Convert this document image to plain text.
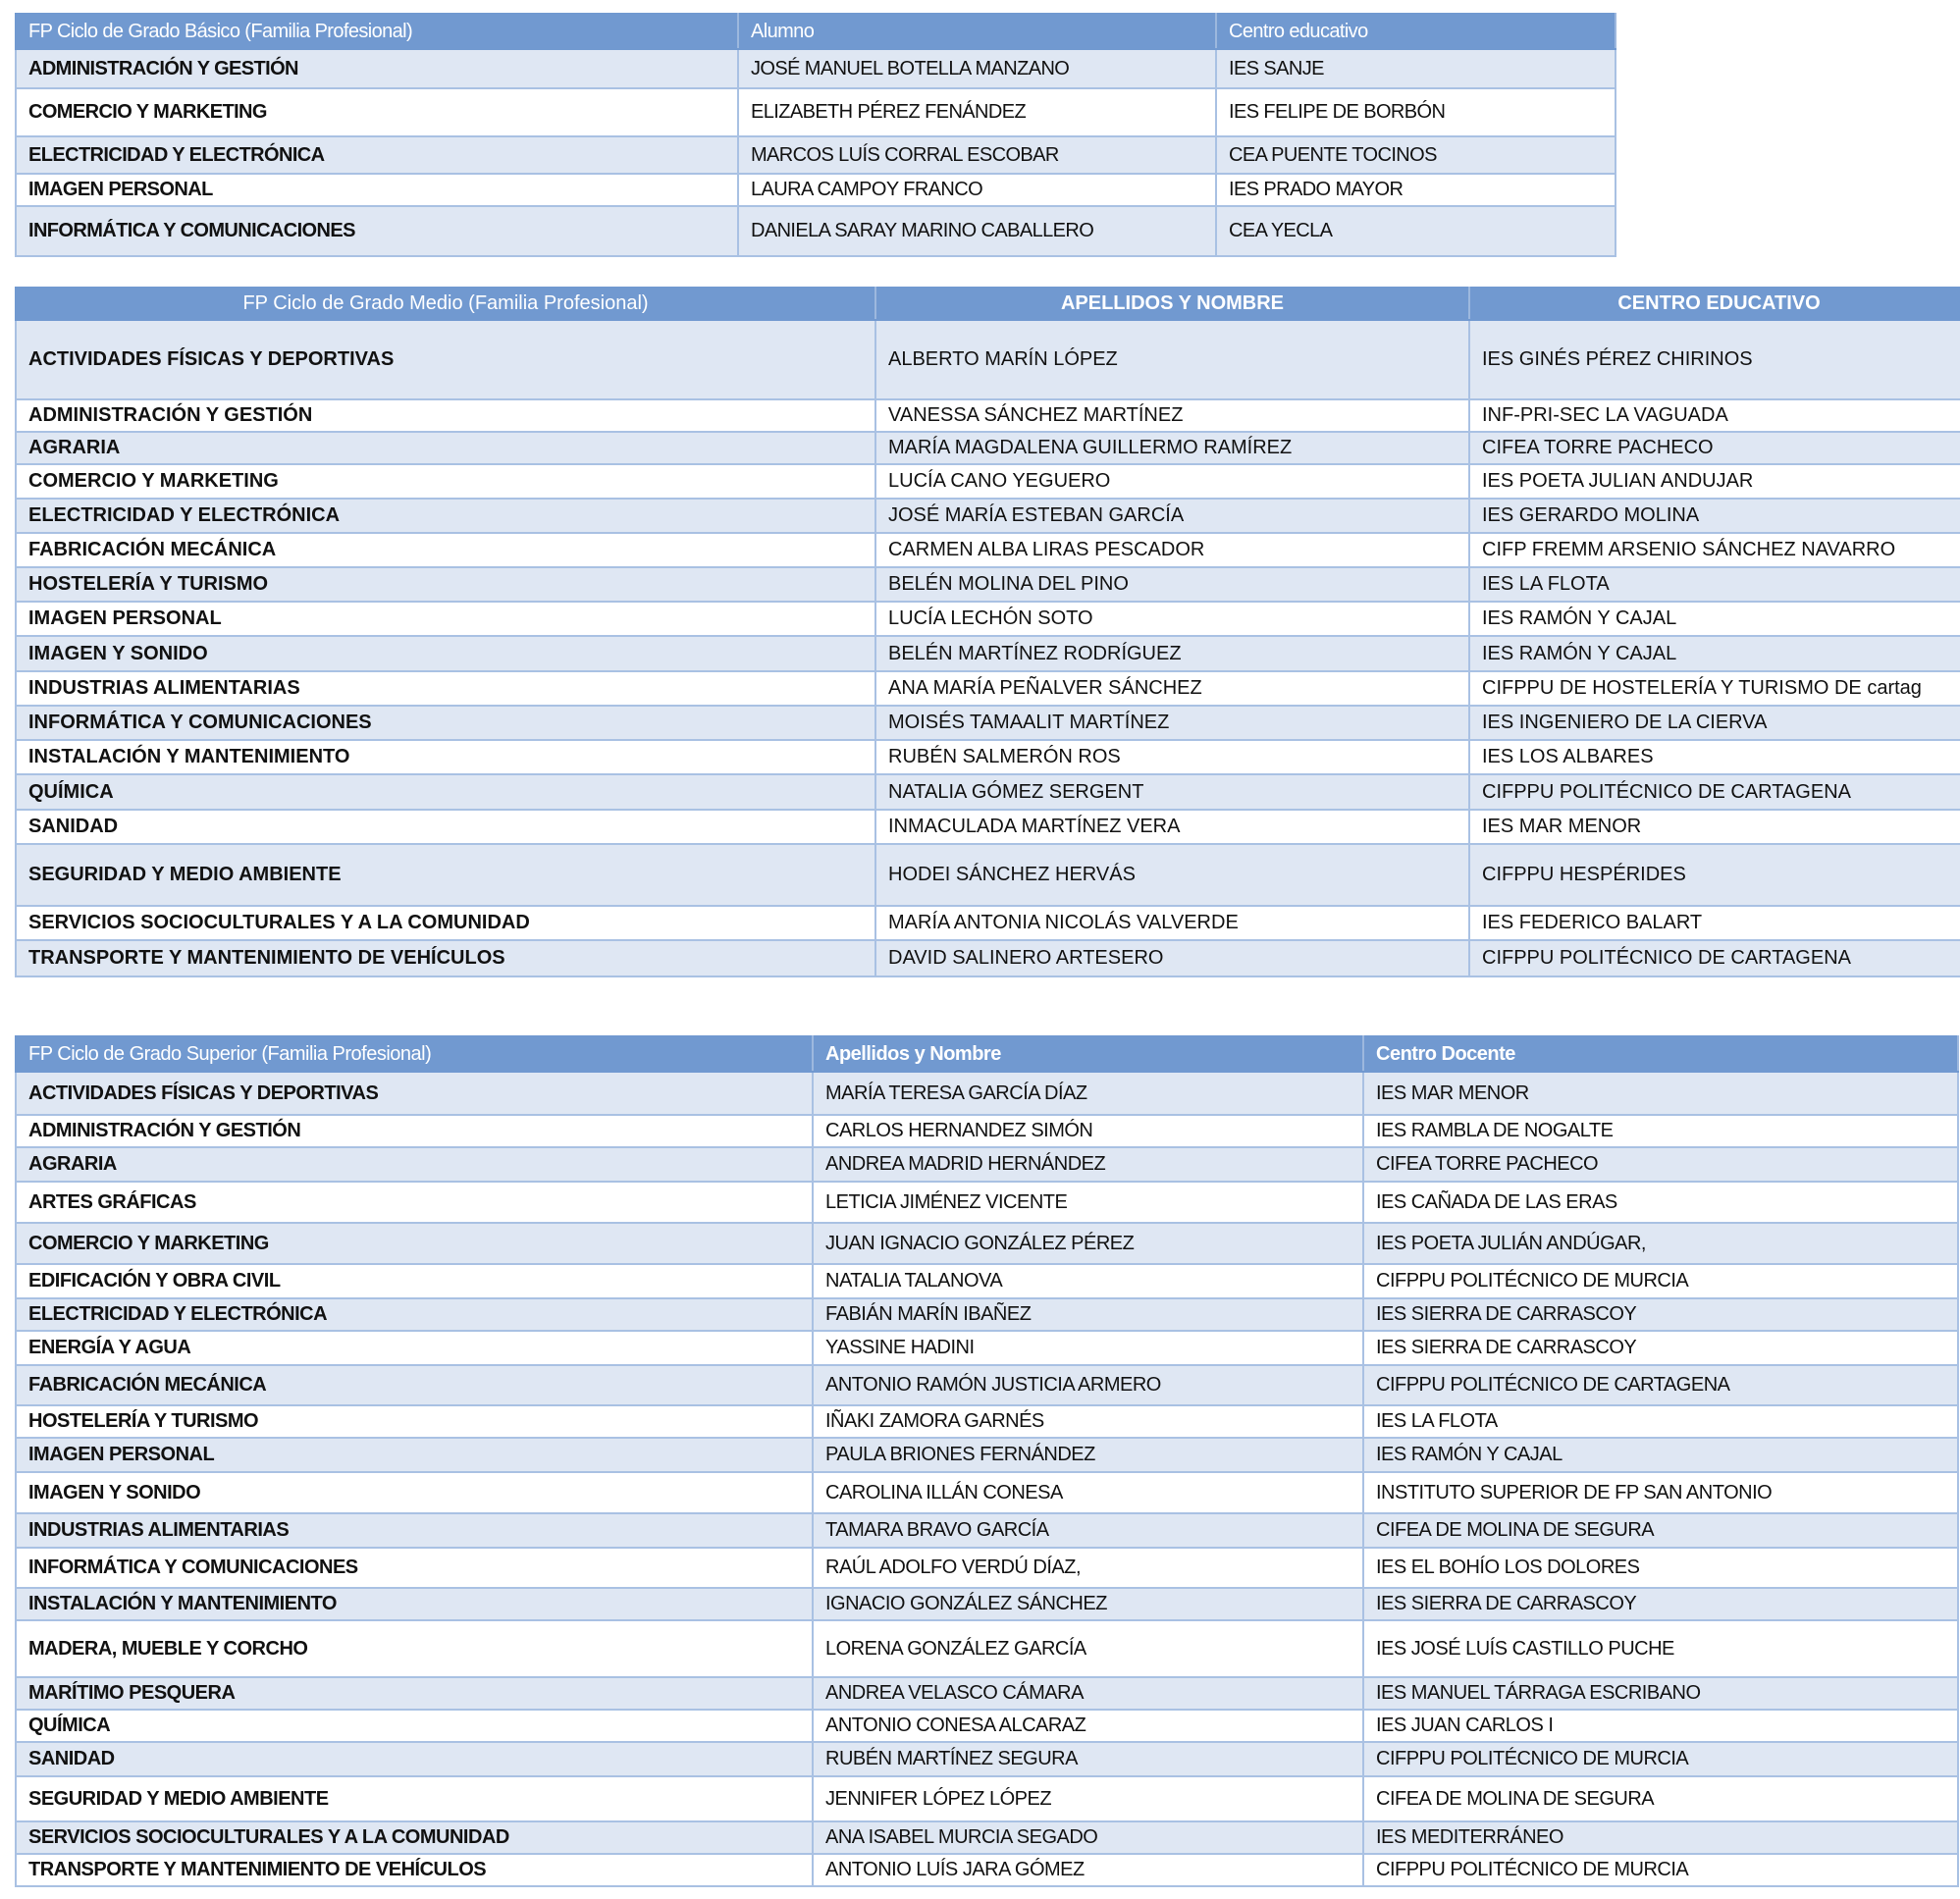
FP Ciclo de Grado Básico (Familia Profesional)	Alumno	Centro educativo
ADMINISTRACIÓN Y GESTIÓN	JOSÉ MANUEL BOTELLA MANZANO	IES SANJE
COMERCIO Y MARKETING	ELIZABETH PÉREZ FENÁNDEZ	IES FELIPE DE BORBÓN
ELECTRICIDAD Y ELECTRÓNICA	MARCOS LUÍS CORRAL ESCOBAR	CEA PUENTE TOCINOS
IMAGEN PERSONAL	LAURA CAMPOY FRANCO	IES PRADO MAYOR
INFORMÁTICA Y COMUNICACIONES	DANIELA SARAY MARINO CABALLERO	CEA YECLA
FP Ciclo de Grado Medio (Familia Profesional)	APELLIDOS Y NOMBRE	CENTRO EDUCATIVO
ACTIVIDADES FÍSICAS Y DEPORTIVAS	ALBERTO MARÍN LÓPEZ	IES GINÉS PÉREZ CHIRINOS
ADMINISTRACIÓN Y GESTIÓN	VANESSA SÁNCHEZ MARTÍNEZ	INF-PRI-SEC LA VAGUADA
AGRARIA	MARÍA MAGDALENA GUILLERMO RAMÍREZ	CIFEA TORRE PACHECO
COMERCIO Y MARKETING	LUCÍA CANO YEGUERO	IES POETA JULIAN ANDUJAR
ELECTRICIDAD Y ELECTRÓNICA	JOSÉ MARÍA ESTEBAN GARCÍA	IES GERARDO MOLINA
FABRICACIÓN MECÁNICA	CARMEN ALBA LIRAS PESCADOR	CIFP FREMM ARSENIO SÁNCHEZ NAVARRO
HOSTELERÍA Y TURISMO	BELÉN MOLINA DEL PINO	IES LA FLOTA
IMAGEN PERSONAL	LUCÍA LECHÓN SOTO	IES RAMÓN Y CAJAL
IMAGEN Y SONIDO	BELÉN MARTÍNEZ RODRÍGUEZ	IES RAMÓN Y CAJAL
INDUSTRIAS ALIMENTARIAS	ANA MARÍA PEÑALVER SÁNCHEZ	CIFPPU DE HOSTELERÍA Y TURISMO DE cartag
INFORMÁTICA Y COMUNICACIONES	MOISÉS TAMAALIT MARTÍNEZ	IES INGENIERO DE LA CIERVA
INSTALACIÓN Y MANTENIMIENTO	RUBÉN SALMERÓN ROS	IES LOS ALBARES
QUÍMICA	NATALIA GÓMEZ SERGENT	CIFPPU POLITÉCNICO DE CARTAGENA
SANIDAD	INMACULADA MARTÍNEZ VERA	IES MAR MENOR
SEGURIDAD Y MEDIO AMBIENTE	HODEI SÁNCHEZ HERVÁS	CIFPPU HESPÉRIDES
SERVICIOS SOCIOCULTURALES Y A LA COMUNIDAD	MARÍA ANTONIA NICOLÁS VALVERDE	IES FEDERICO BALART
TRANSPORTE Y MANTENIMIENTO DE VEHÍCULOS	DAVID SALINERO ARTESERO	CIFPPU POLITÉCNICO DE CARTAGENA
FP Ciclo de Grado Superior (Familia Profesional)	Apellidos y Nombre	Centro Docente
ACTIVIDADES FÍSICAS Y DEPORTIVAS	MARÍA TERESA GARCÍA DÍAZ	IES MAR MENOR
ADMINISTRACIÓN Y GESTIÓN	CARLOS HERNANDEZ SIMÓN	IES RAMBLA DE NOGALTE
AGRARIA	ANDREA MADRID HERNÁNDEZ	CIFEA TORRE PACHECO
ARTES GRÁFICAS	LETICIA JIMÉNEZ VICENTE	IES CAÑADA DE LAS ERAS
COMERCIO Y MARKETING	JUAN IGNACIO GONZÁLEZ PÉREZ	IES POETA JULIÁN ANDÚGAR,
EDIFICACIÓN Y OBRA CIVIL	NATALIA TALANOVA	CIFPPU POLITÉCNICO DE MURCIA
ELECTRICIDAD Y ELECTRÓNICA	FABIÁN MARÍN IBAÑEZ	IES SIERRA DE CARRASCOY
ENERGÍA Y AGUA	YASSINE HADINI	IES SIERRA DE CARRASCOY
FABRICACIÓN MECÁNICA	ANTONIO RAMÓN JUSTICIA ARMERO	CIFPPU POLITÉCNICO DE CARTAGENA
HOSTELERÍA Y TURISMO	IÑAKI ZAMORA GARNÉS	IES LA FLOTA
IMAGEN PERSONAL	PAULA BRIONES FERNÁNDEZ	IES RAMÓN Y CAJAL
IMAGEN Y SONIDO	CAROLINA ILLÁN CONESA	INSTITUTO SUPERIOR DE FP SAN ANTONIO
INDUSTRIAS ALIMENTARIAS	TAMARA BRAVO GARCÍA	CIFEA DE MOLINA DE SEGURA
INFORMÁTICA Y COMUNICACIONES	RAÚL ADOLFO VERDÚ DÍAZ,	IES EL BOHÍO LOS DOLORES
INSTALACIÓN Y MANTENIMIENTO	IGNACIO GONZÁLEZ SÁNCHEZ	IES SIERRA DE CARRASCOY
MADERA, MUEBLE Y CORCHO	LORENA GONZÁLEZ GARCÍA	IES JOSÉ LUÍS CASTILLO PUCHE
MARÍTIMO PESQUERA	ANDREA VELASCO CÁMARA	IES MANUEL TÁRRAGA ESCRIBANO
QUÍMICA	ANTONIO CONESA ALCARAZ	IES JUAN CARLOS I
SANIDAD	RUBÉN MARTÍNEZ SEGURA	CIFPPU POLITÉCNICO DE MURCIA
SEGURIDAD Y MEDIO AMBIENTE	JENNIFER LÓPEZ LÓPEZ	CIFEA DE MOLINA DE SEGURA
SERVICIOS SOCIOCULTURALES Y A LA COMUNIDAD	ANA ISABEL MURCIA SEGADO	IES MEDITERRÁNEO
TRANSPORTE Y MANTENIMIENTO DE VEHÍCULOS	ANTONIO LUÍS JARA GÓMEZ	CIFPPU POLITÉCNICO DE MURCIA
